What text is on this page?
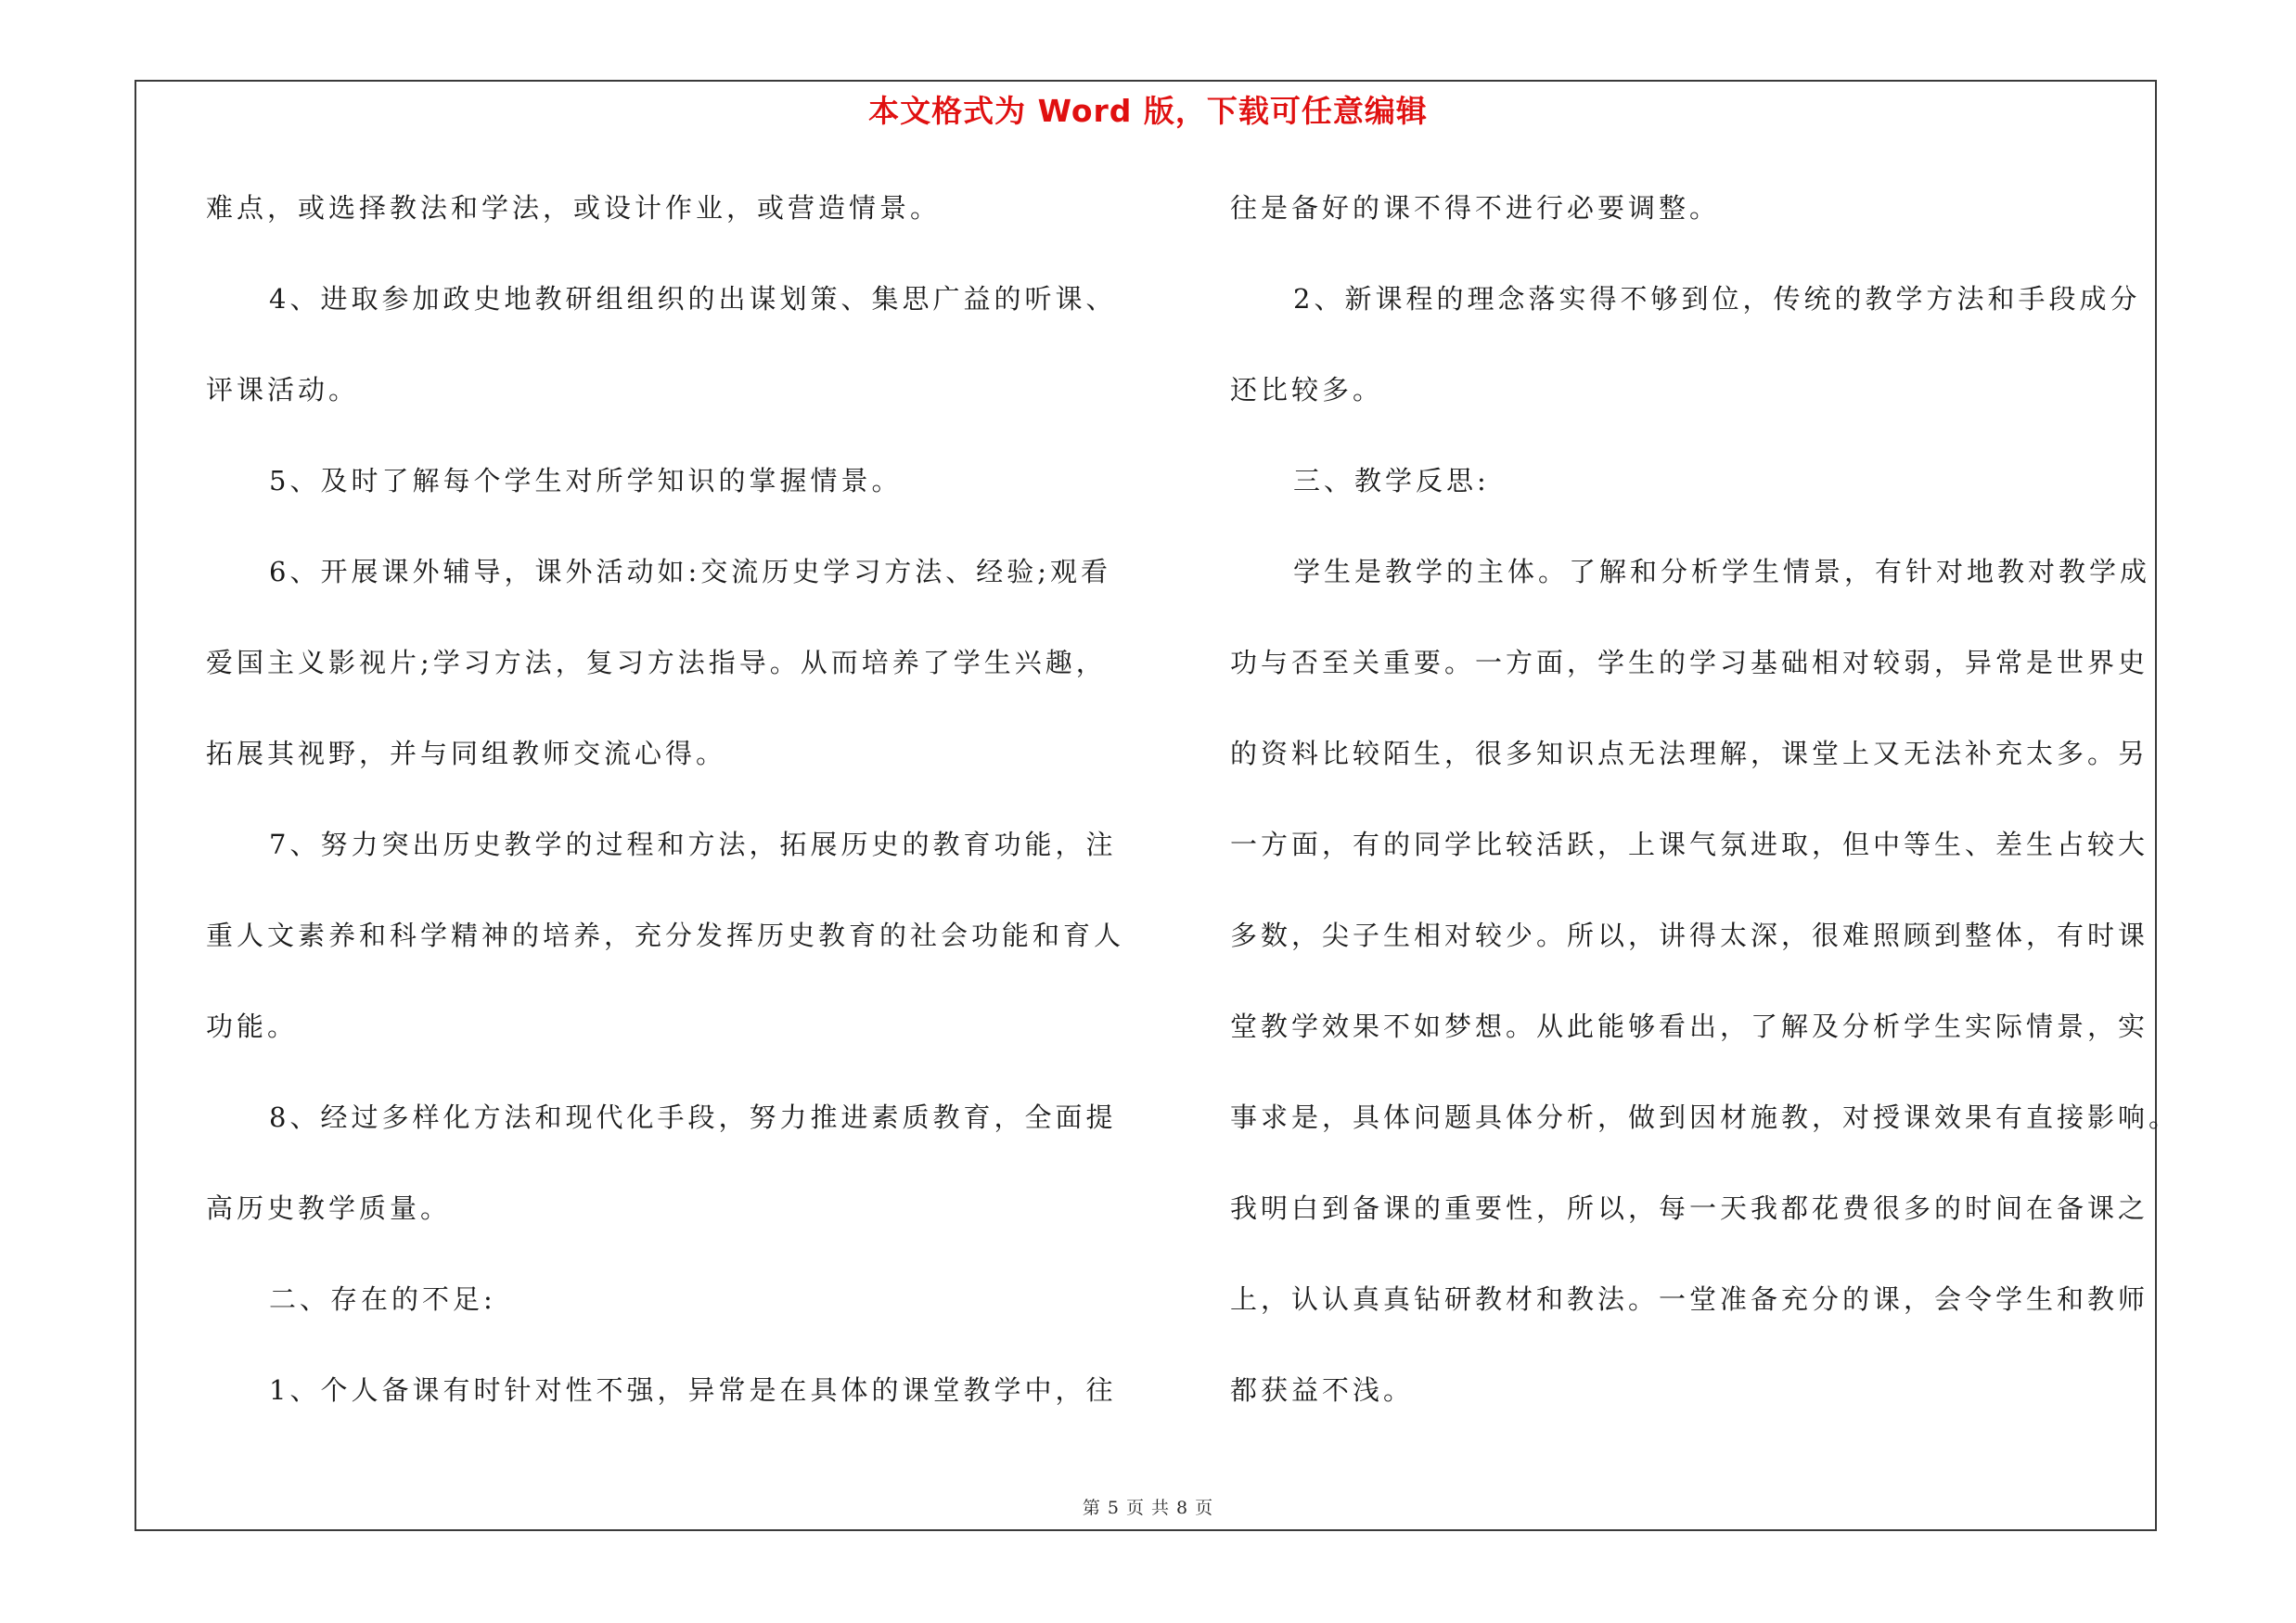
本文格式为 Word 版，下载可任意编辑

难点，或选择教法和学法，或设计作业，或营造情景。

4、进取参加政史地教研组组织的出谋划策、集思广益的听课、

评课活动。

5、及时了解每个学生对所学知识的掌握情景。

6、开展课外辅导，课外活动如:交流历史学习方法、经验;观看

爱国主义影视片;学习方法，复习方法指导。从而培养了学生兴趣，

拓展其视野，并与同组教师交流心得。

7、努力突出历史教学的过程和方法，拓展历史的教育功能，注

重人文素养和科学精神的培养，充分发挥历史教育的社会功能和育人

功能。

8、经过多样化方法和现代化手段，努力推进素质教育，全面提

高历史教学质量。

二、存在的不足:

1、个人备课有时针对性不强，异常是在具体的课堂教学中，往

往是备好的课不得不进行必要调整。

2、新课程的理念落实得不够到位，传统的教学方法和手段成分

还比较多。

三、教学反思:

学生是教学的主体。了解和分析学生情景，有针对地教对教学成

功与否至关重要。一方面，学生的学习基础相对较弱，异常是世界史

的资料比较陌生，很多知识点无法理解，课堂上又无法补充太多。另

一方面，有的同学比较活跃，上课气氛进取，但中等生、差生占较大

多数，尖子生相对较少。所以，讲得太深，很难照顾到整体，有时课

堂教学效果不如梦想。从此能够看出，了解及分析学生实际情景，实

事求是，具体问题具体分析，做到因材施教，对授课效果有直接影响。

我明白到备课的重要性，所以，每一天我都花费很多的时间在备课之

上，认认真真钻研教材和教法。一堂准备充分的课，会令学生和教师

都获益不浅。

第 5 页 共 8 页
